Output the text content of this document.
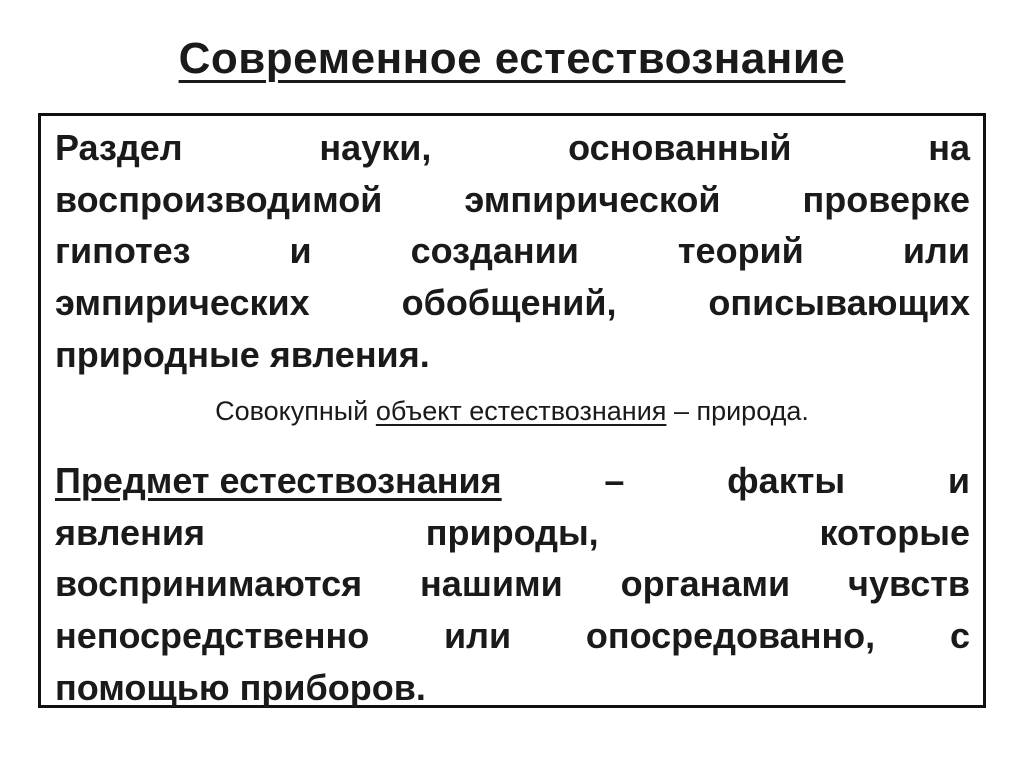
Современное естествознание
Раздел	науки,	основанный	на
воспроизводимой эмпирической проверке
гипотез	и	создании	теорий	или
эмпирических обобщений, описывающих
природные явления.
Совокупный объект естествознания – природа.
Предмет естествознания	–	факты	и
явления	природы,	которые
воспринимаются нашими органами чувств
непосредственно или опосредованно, с
помощью приборов.
